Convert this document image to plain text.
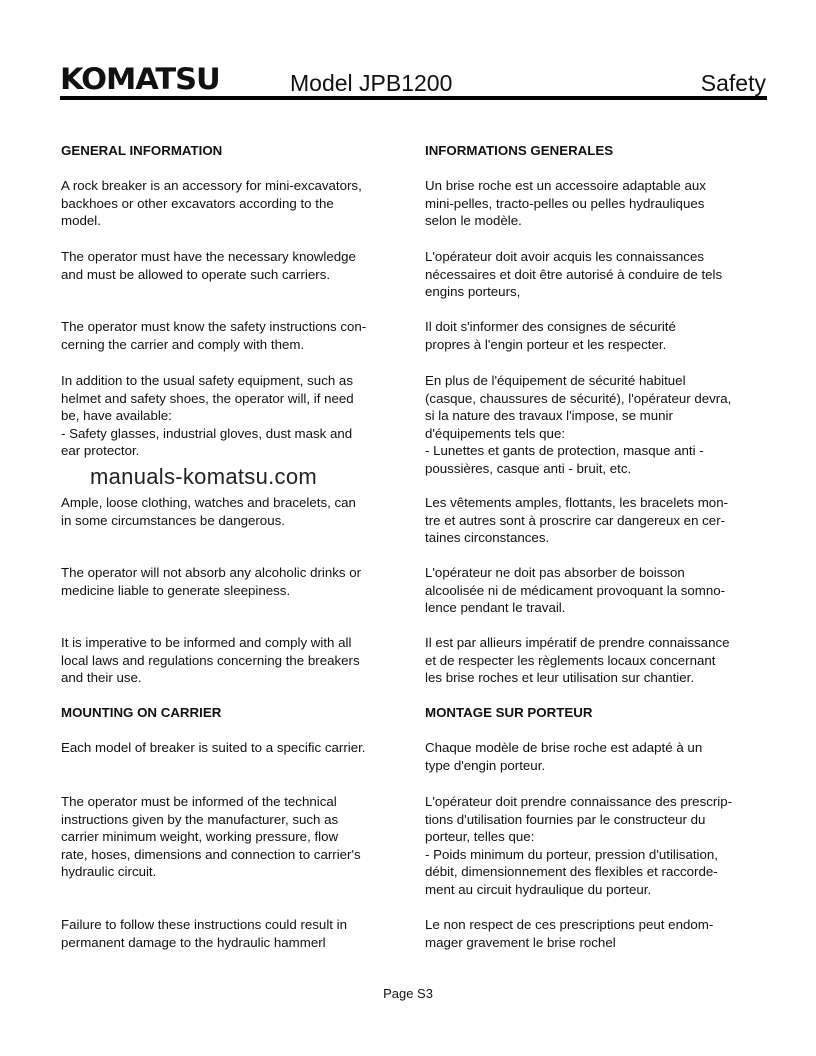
KOMATSU	Model JPB1200	Safety
GENERAL INFORMATION
A rock breaker is an accessory for mini-excavators,
backhoes or other excavators according to the
model.
The operator must have the necessary knowledge
and must be allowed to operate such carriers.
The operator must know the safety instructions con-
cerning the carrier and comply with them.
In addition to the usual safety equipment, such as
helmet and safety shoes, the operator will, if need
be, have available:
- Safety glasses, industrial gloves, dust mask and
ear protector.
Ample, loose clothing, watches and bracelets, can
in some circumstances be dangerous.
The operator will not absorb any alcoholic drinks or
medicine liable to generate sleepiness.
It is imperative to be informed and comply with all
local laws and regulations concerning the breakers
and their use.
MOUNTING ON CARRIER
Each model of breaker is suited to a specific carrier.
The operator must be informed of the technical
instructions given by the manufacturer, such as
carrier minimum weight, working pressure, flow
rate, hoses, dimensions and connection to carrier's
hydraulic circuit.
Failure to follow these instructions could result in
permanent damage to the hydraulic hammerl
INFORMATIONS GENERALES
Un brise roche est un accessoire adaptable aux
mini-pelles, tracto-pelles ou pelles hydrauliques
selon le modèle.
L'opérateur doit avoir acquis les connaissances
nécessaires et doit être autorisé à conduire de tels
engins porteurs,
Il doit s'informer des consignes de sécurité
propres à l'engin porteur et les respecter.
En plus de l'équipement de sécurité habituel
(casque, chaussures de sécurité), l'opérateur devra,
si la nature des travaux l'impose, se munir
d'équipements tels que:
- Lunettes et gants de protection, masque anti -
poussières, casque anti - bruit, etc.
Les vêtements amples, flottants, les bracelets mon-
tre et autres sont à proscrire car dangereux en cer-
taines circonstances.
L'opérateur ne doit pas absorber de boisson
alcoolisée ni de médicament provoquant la somno-
lence pendant le travail.
Il est par allieurs impératif de prendre connaissance
et de respecter les règlements locaux concernant
les brise roches et leur utilisation sur chantier.
MONTAGE SUR PORTEUR
Chaque modèle de brise roche est adapté à un
type d'engin porteur.
L'opérateur doit prendre connaissance des prescrip-
tions d'utilisation fournies par le constructeur du
porteur, telles que:
- Poids minimum du porteur, pression d'utilisation,
débit, dimensionnement des flexibles et raccorde-
ment au circuit hydraulique du porteur.
Le non respect de ces prescriptions peut endom-
mager gravement le brise rochel
manuals-komatsu.com
Page S3
